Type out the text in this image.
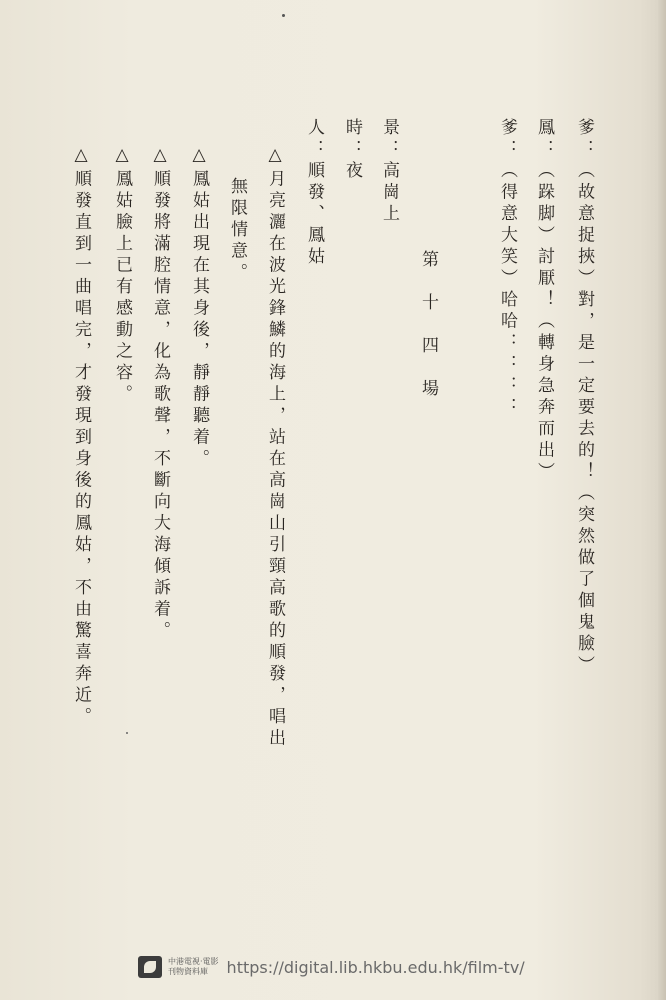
爹：（故意捉挾）對，是一定要去的！（突然做了個鬼臉）
鳳：（跺脚）討厭！（轉身急奔而出）
爹：（得意大笑）哈哈：：：：
第　十　四　場
景：高崗上
時：夜
人：順發、鳳姑
△月亮灑在波光鋒鱗的海上，站在高崗山引頸高歌的順發，唱出
無限情意。
△鳳姑出現在其身後，靜靜聽着。
△順發將滿腔情意，化為歌聲，不斷向大海傾訴着。
△鳳姑臉上已有感動之容。
△順發直到一曲唱完，才發現到身後的鳳姑，不由驚喜奔近。
中港電視·電影
刊物資料庫	https://digital.lib.hkbu.edu.hk/film-tv/
